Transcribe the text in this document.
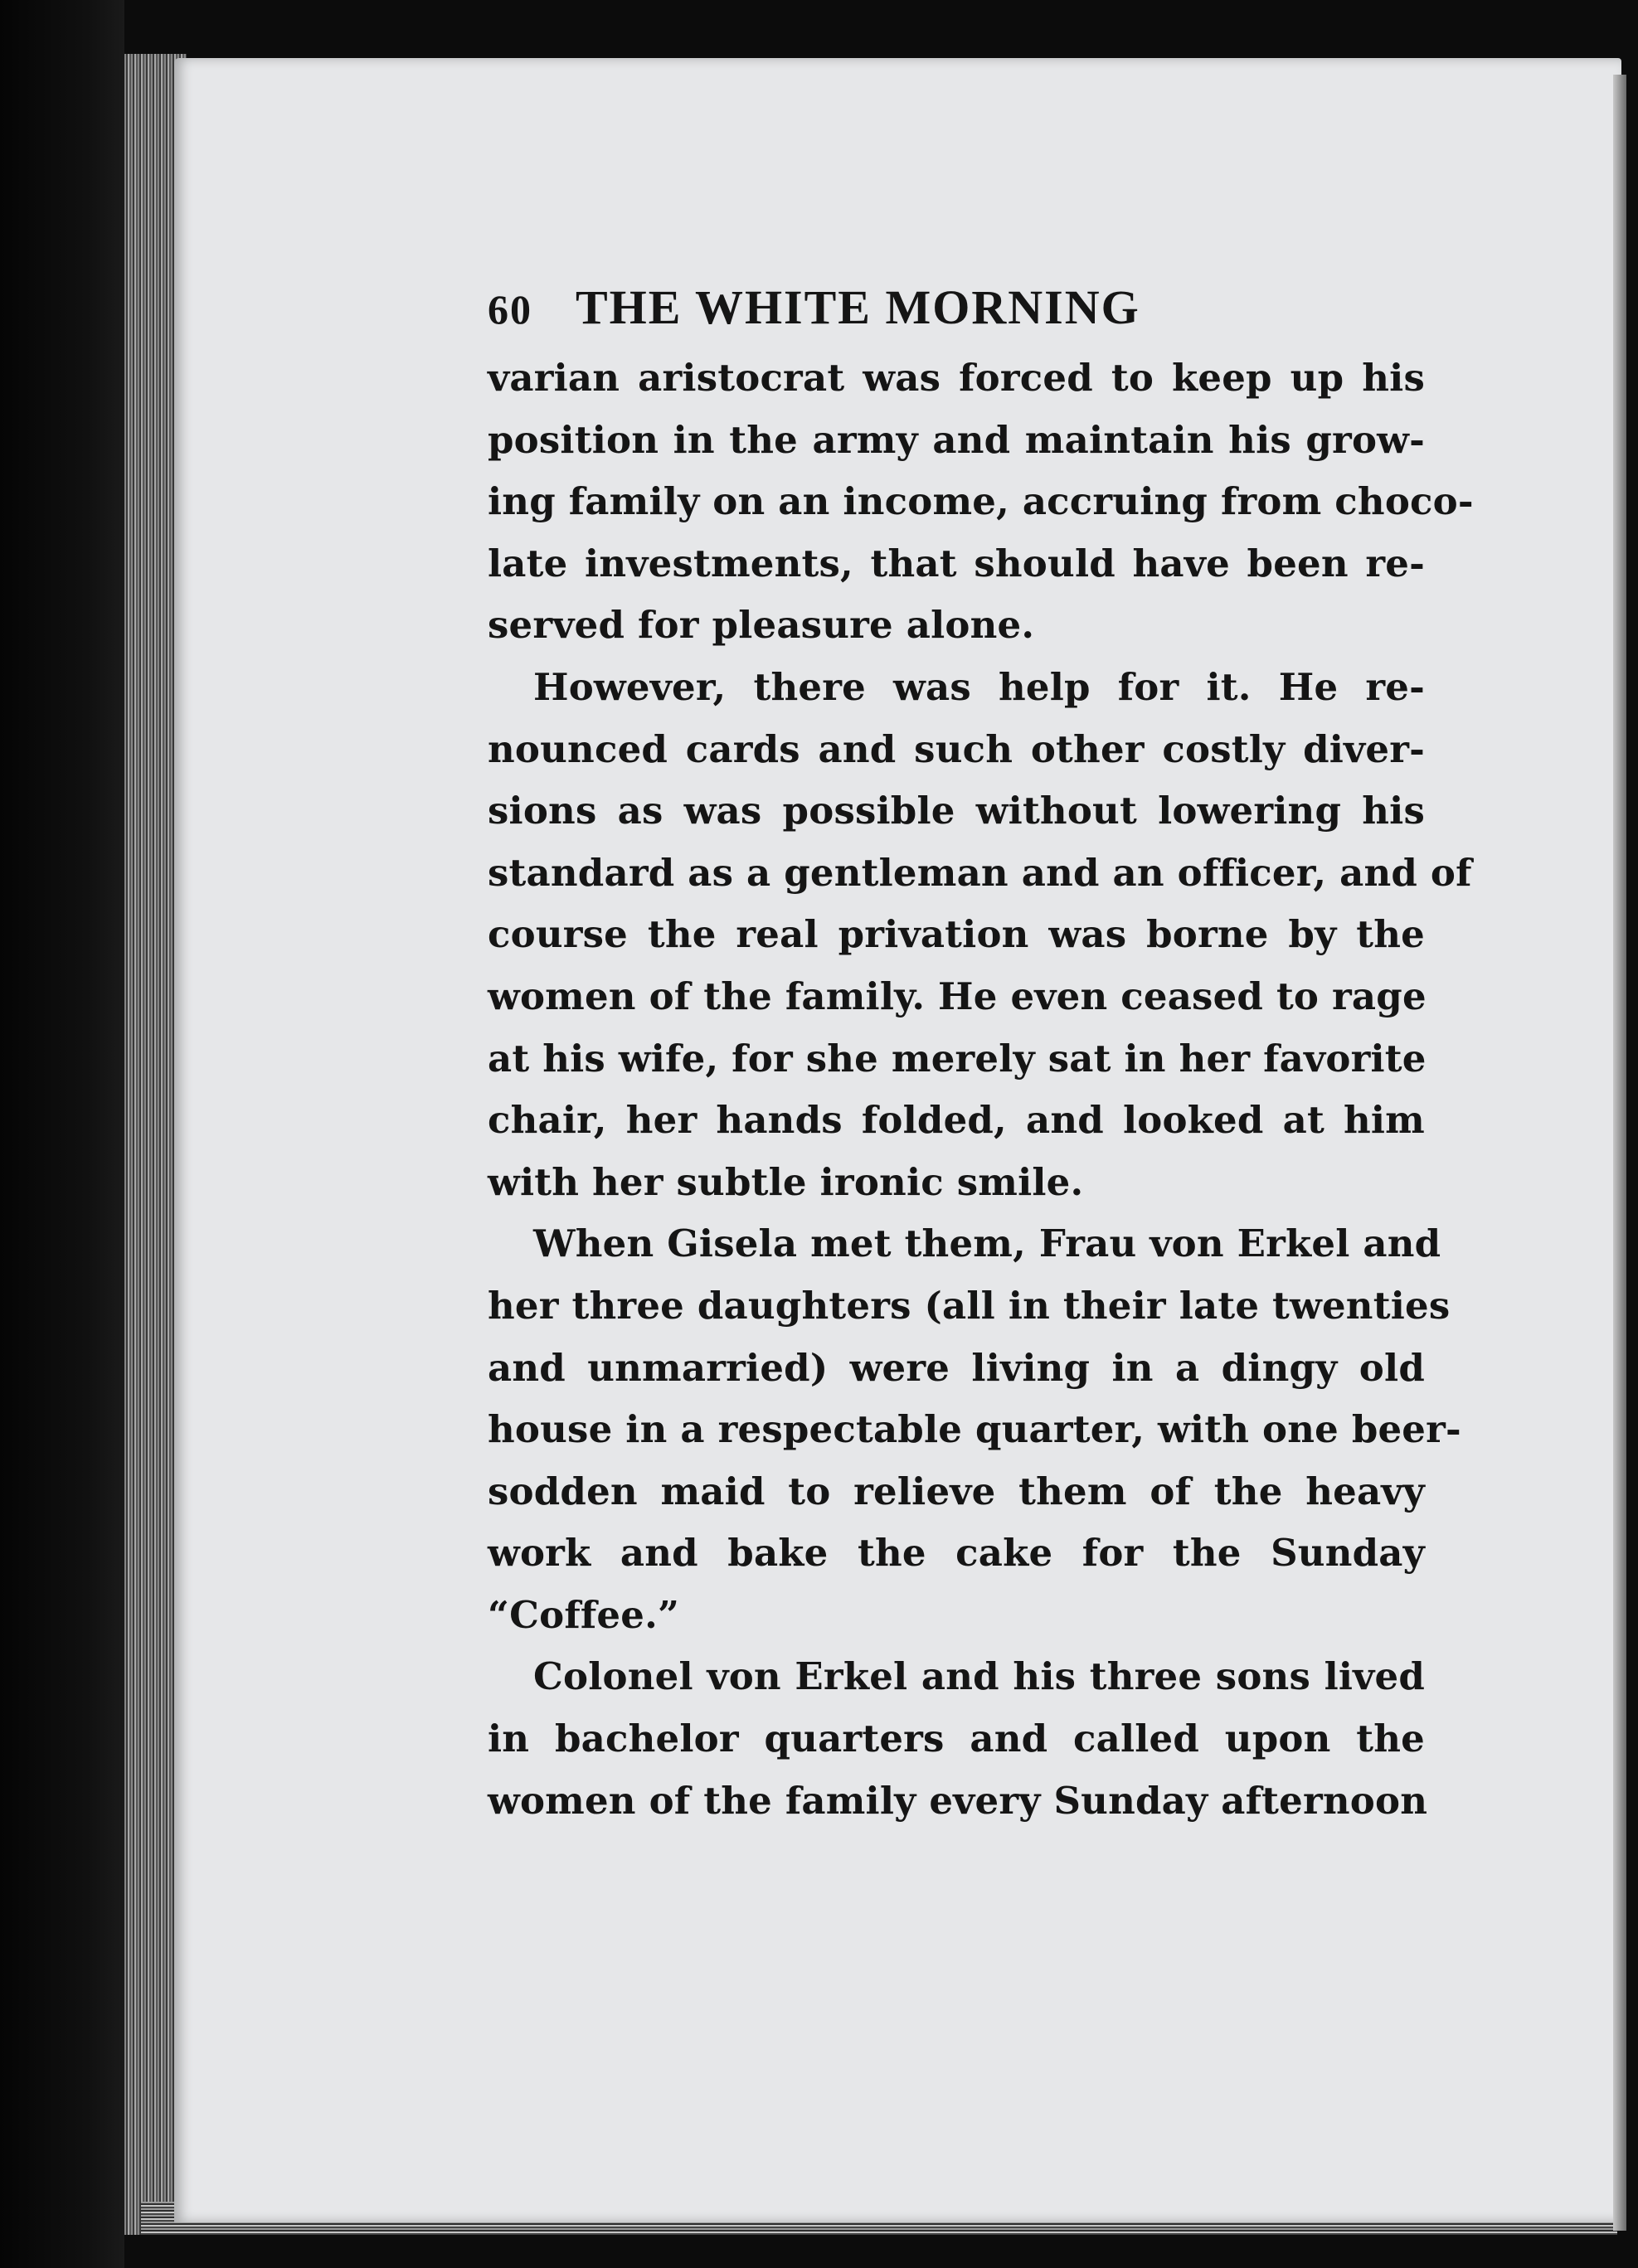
60 THE WHITE MORNING
varian aristocrat was forced to keep up his
position in the army and maintain his grow-
ing family on an income, accruing from choco-
late investments, that should have been re-
served for pleasure alone.
However, there was help for it. He re-
nounced cards and such other costly diver-
sions as was possible without lowering his
standard as a gentleman and an officer, and of
course the real privation was borne by the
women of the family. He even ceased to rage
at his wife, for she merely sat in her favorite
chair, her hands folded, and looked at him
with her subtle ironic smile.
When Gisela met them, Frau von Erkel and
her three daughters (all in their late twenties
and unmarried) were living in a dingy old
house in a respectable quarter, with one beer-
sodden maid to relieve them of the heavy
work and bake the cake for the Sunday
“Coffee.”
Colonel von Erkel and his three sons lived
in bachelor quarters and called upon the
women of the family every Sunday afternoon
